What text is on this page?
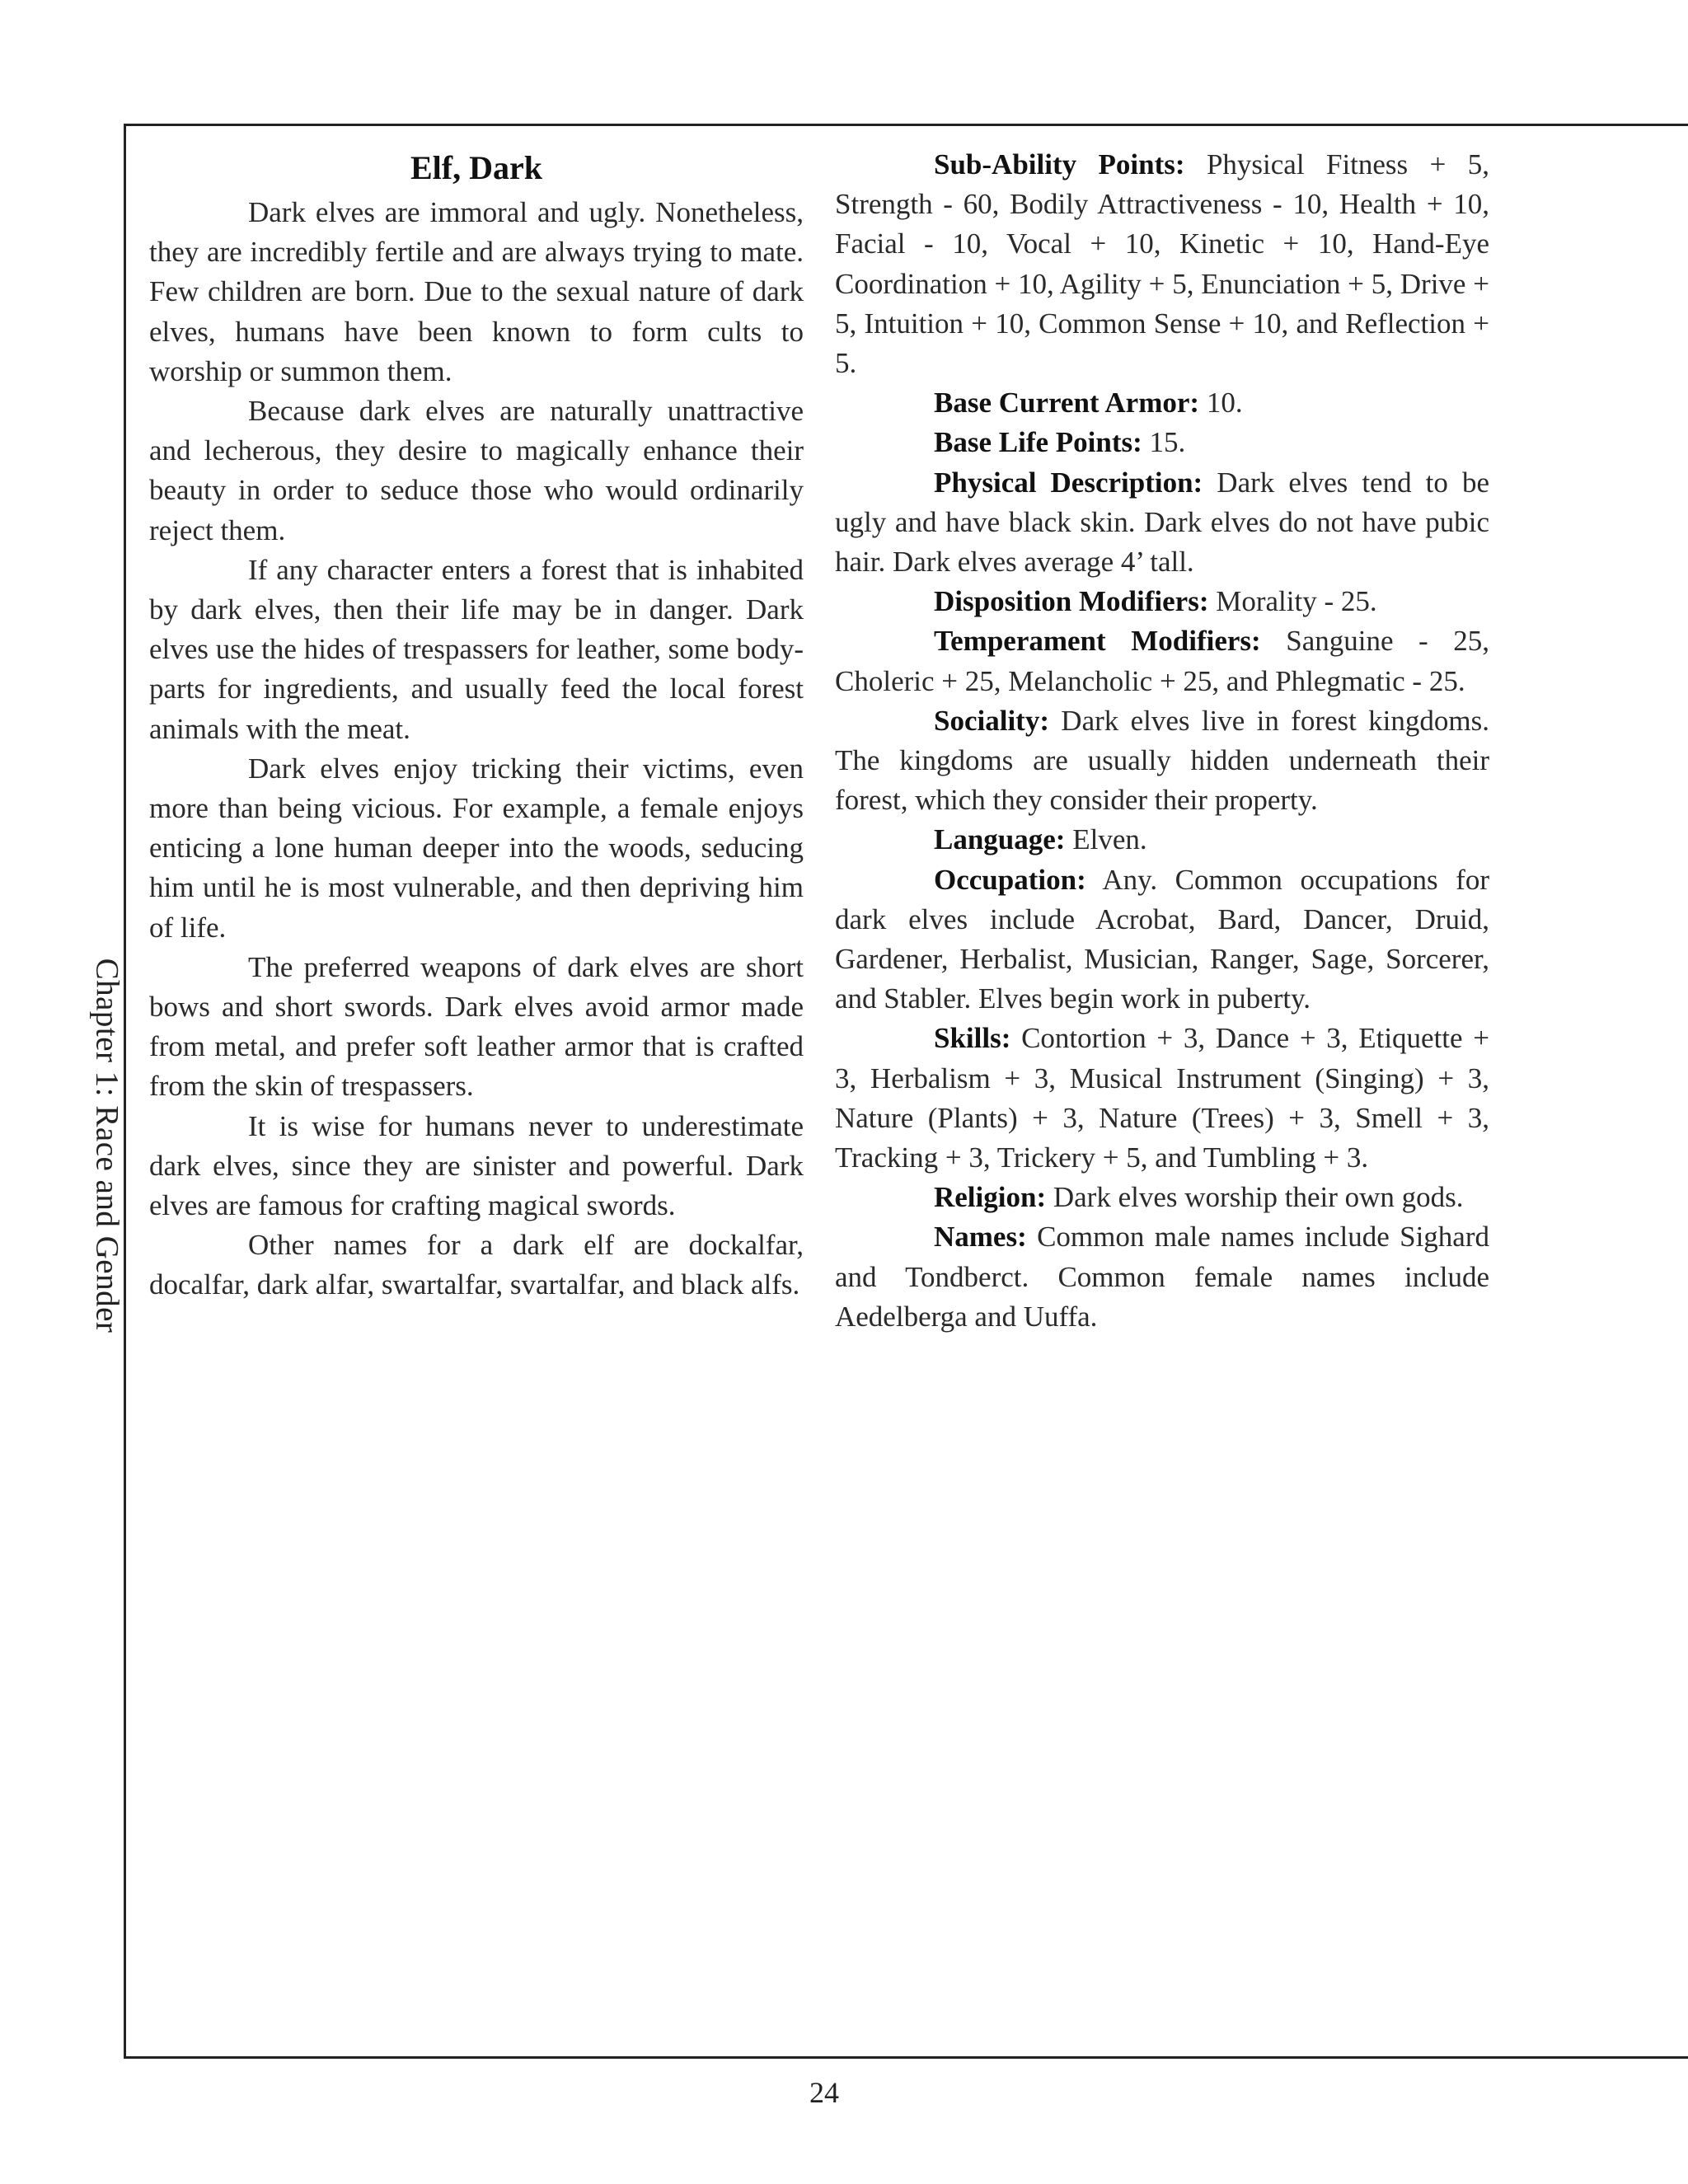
Chapter 1: Race and Gender
Elf, Dark

Dark elves are immoral and ugly. Nonetheless, they are incredibly fertile and are always trying to mate. Few children are born. Due to the sexual nature of dark elves, humans have been known to form cults to worship or summon them.

Because dark elves are naturally unattractive and lecherous, they desire to magically enhance their beauty in order to seduce those who would ordinarily reject them.

If any character enters a forest that is inhabited by dark elves, then their life may be in danger. Dark elves use the hides of trespassers for leather, some body-parts for ingredients, and usually feed the local forest animals with the meat.

Dark elves enjoy tricking their victims, even more than being vicious. For example, a female enjoys enticing a lone human deeper into the woods, seducing him until he is most vulnerable, and then depriving him of life.

The preferred weapons of dark elves are short bows and short swords. Dark elves avoid armor made from metal, and prefer soft leather armor that is crafted from the skin of trespassers.

It is wise for humans never to underestimate dark elves, since they are sinister and powerful. Dark elves are famous for crafting magical swords.

Other names for a dark elf are dockalfar, docalfar, dark alfar, swartalfar, svartalfar, and black alfs.

Sub-Ability Points: Physical Fitness + 5, Strength - 60, Bodily Attractiveness - 10, Health + 10, Facial - 10, Vocal + 10, Kinetic + 10, Hand-Eye Coordination + 10, Agility + 5, Enunciation + 5, Drive + 5, Intuition + 10, Common Sense + 10, and Reflection + 5.

Base Current Armor: 10.

Base Life Points: 15.

Physical Description: Dark elves tend to be ugly and have black skin. Dark elves do not have pubic hair. Dark elves average 4’ tall.

Disposition Modifiers: Morality - 25.

Temperament Modifiers: Sanguine - 25, Choleric + 25, Melancholic + 25, and Phlegmatic - 25.

Sociality: Dark elves live in forest kingdoms. The kingdoms are usually hidden underneath their forest, which they consider their property.

Language: Elven.

Occupation: Any. Common occupations for dark elves include Acrobat, Bard, Dancer, Druid, Gardener, Herbalist, Musician, Ranger, Sage, Sorcerer, and Stabler. Elves begin work in puberty.

Skills: Contortion + 3, Dance + 3, Etiquette + 3, Herbalism + 3, Musical Instrument (Singing) + 3, Nature (Plants) + 3, Nature (Trees) + 3, Smell + 3, Tracking + 3, Trickery + 5, and Tumbling + 3.

Religion: Dark elves worship their own gods.

Names: Common male names include Sighard and Tondberct. Common female names include Aedelberga and Uuffa.

24
